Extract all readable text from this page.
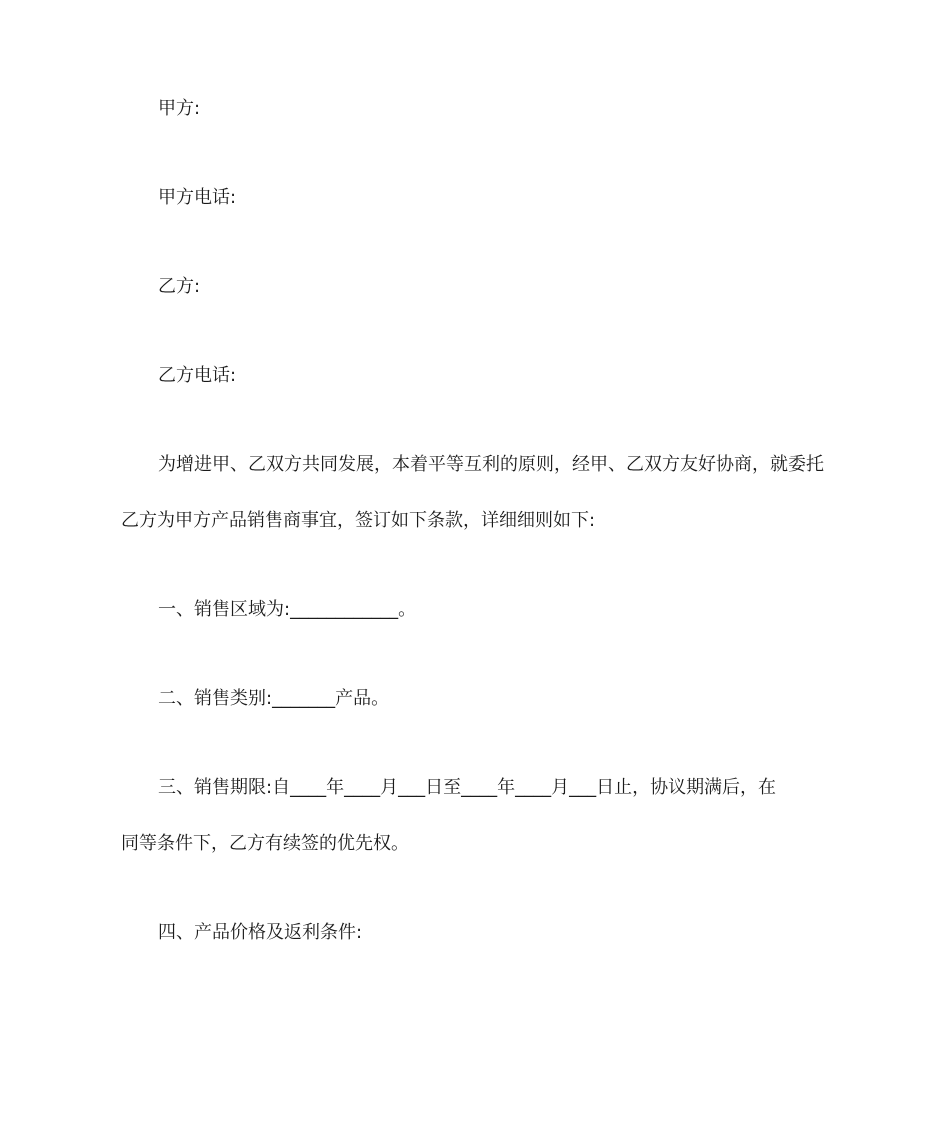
甲方:
甲方电话:
乙方:
乙方电话:
为增进甲、乙双方共同发展，本着平等互利的原则，经甲、乙双方友好协商，就委托
乙方为甲方产品销售商事宜，签订如下条款，详细细则如下:
一、销售区域为:____________。
二、销售类别:_______产品。
三、销售期限:自____年____月___日至____年____月___日止，协议期满后，在
同等条件下，乙方有续签的优先权。
四、产品价格及返利条件:
